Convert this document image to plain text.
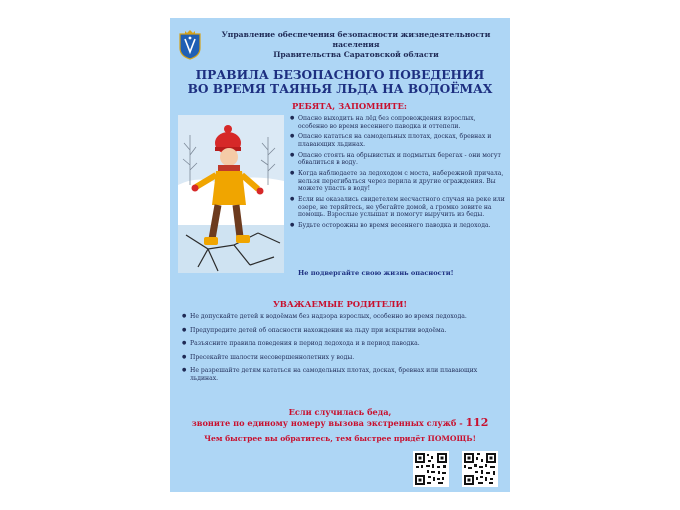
Управление обеспечения безопасности жизнедеятельности населения
Правительства Саратовской области
ПРАВИЛА БЕЗОПАСНОГО ПОВЕДЕНИЯ
ВО ВРЕМЯ ТАЯНЬЯ ЛЬДА НА ВОДОЁМАХ
РЕБЯТА, ЗАПОМНИТЕ:
● Опасно выходить на лёд без сопровождения взрослых, особенно во время весеннего паводка и оттепели.
● Опасно кататься на самодельных плотах, досках, бревнах и плавающих льдинах.
● Опасно стоять на обрывистых и подмытых берегах - они могут обвалиться в воду.
● Когда наблюдаете за ледоходом с моста, набережной причала, нельзя перегибаться через перила и другие ограждения. Вы можете упасть в воду!
● Если вы оказались свидетелем несчастного случая на реке или озере, не теряйтесь, не убегайте домой, а громко зовите на помощь. Взрослые услышат и помогут выручить из беды.
● Будьте осторожны во время весеннего паводка и ледохода.
Не подвергайте свою жизнь опасности!
УВАЖАЕМЫЕ РОДИТЕЛИ!
● Не допускайте детей к водоёмам без надзора взрослых, особенно во время ледохода.
● Предупредите детей об опасности нахождения на льду при вскрытии водоёма.
● Разъясните правила поведения в период ледохода и в период паводка.
● Пресекайте шалости несовершеннолетних у воды.
● Не разрешайте детям кататься на самодельных плотах, досках, бревнах или плавающих льдинах.
Если случилась беда,
звоните по единому номеру вызова экстренных служб - 112
Чем быстрее вы обратитесь, тем быстрее придёт ПОМОЩЬ!
